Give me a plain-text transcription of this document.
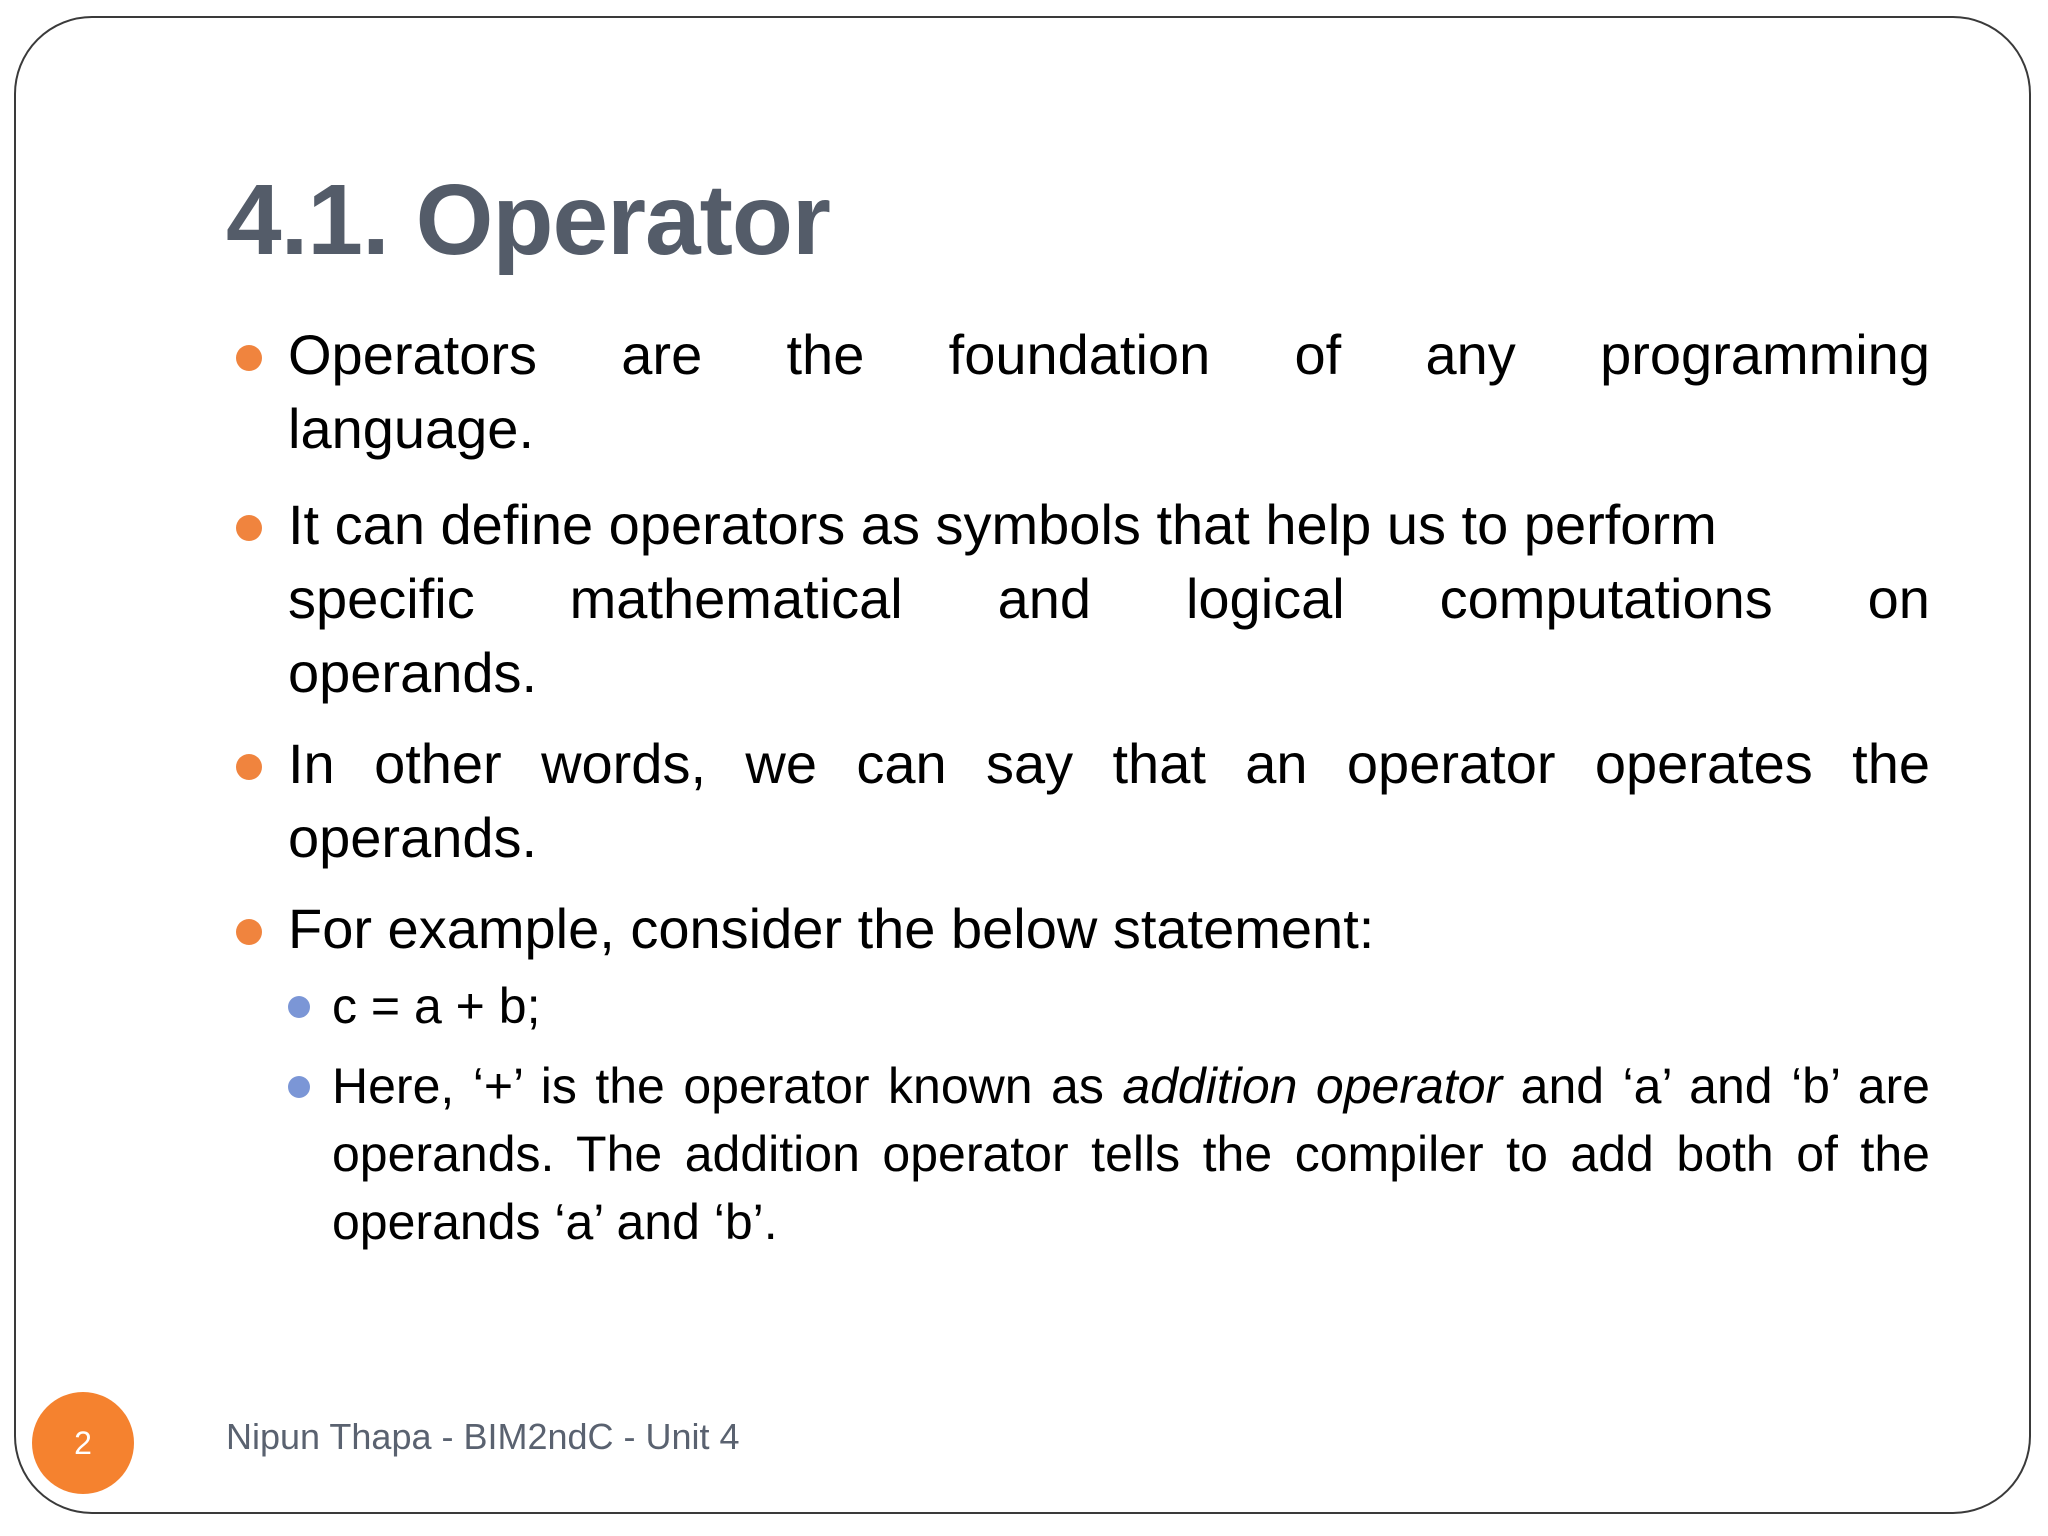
4.1. Operator
Operators are the foundation of any programming
language.
It can define operators as symbols that help us to perform
specific mathematical and logical computations on
operands.
In other words, we can say that an operator operates the operands.
For example, consider the below statement:
c = a + b;
Here, ‘+’ is the operator known as addition operator and ‘a’ and ‘b’ are operands. The addition operator tells the compiler to add both of the operands ‘a’ and ‘b’.
2	Nipun Thapa - BIM2ndC - Unit 4
